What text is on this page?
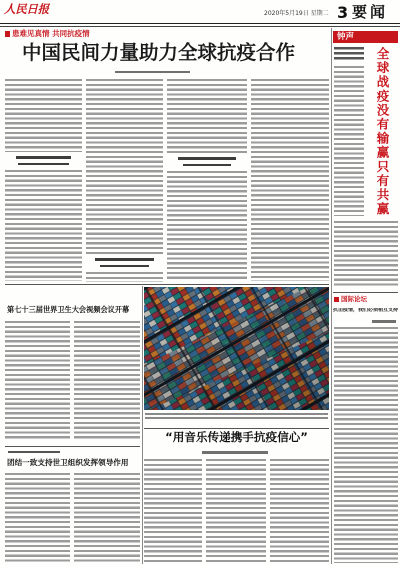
人民日报	2020年5月19日 星期二 3 要闻
患难见真情 共同抗疫情
中国民间力量助力全球抗疫合作
第七十三届世界卫生大会视频会议开幕
团结一致支持世卫组织发挥领导作用
“用音乐传递携手抗疫信心”
钟声
全球战疫没有输赢只有共赢
国际论坛
抗击疫情，我们必须相互支持
